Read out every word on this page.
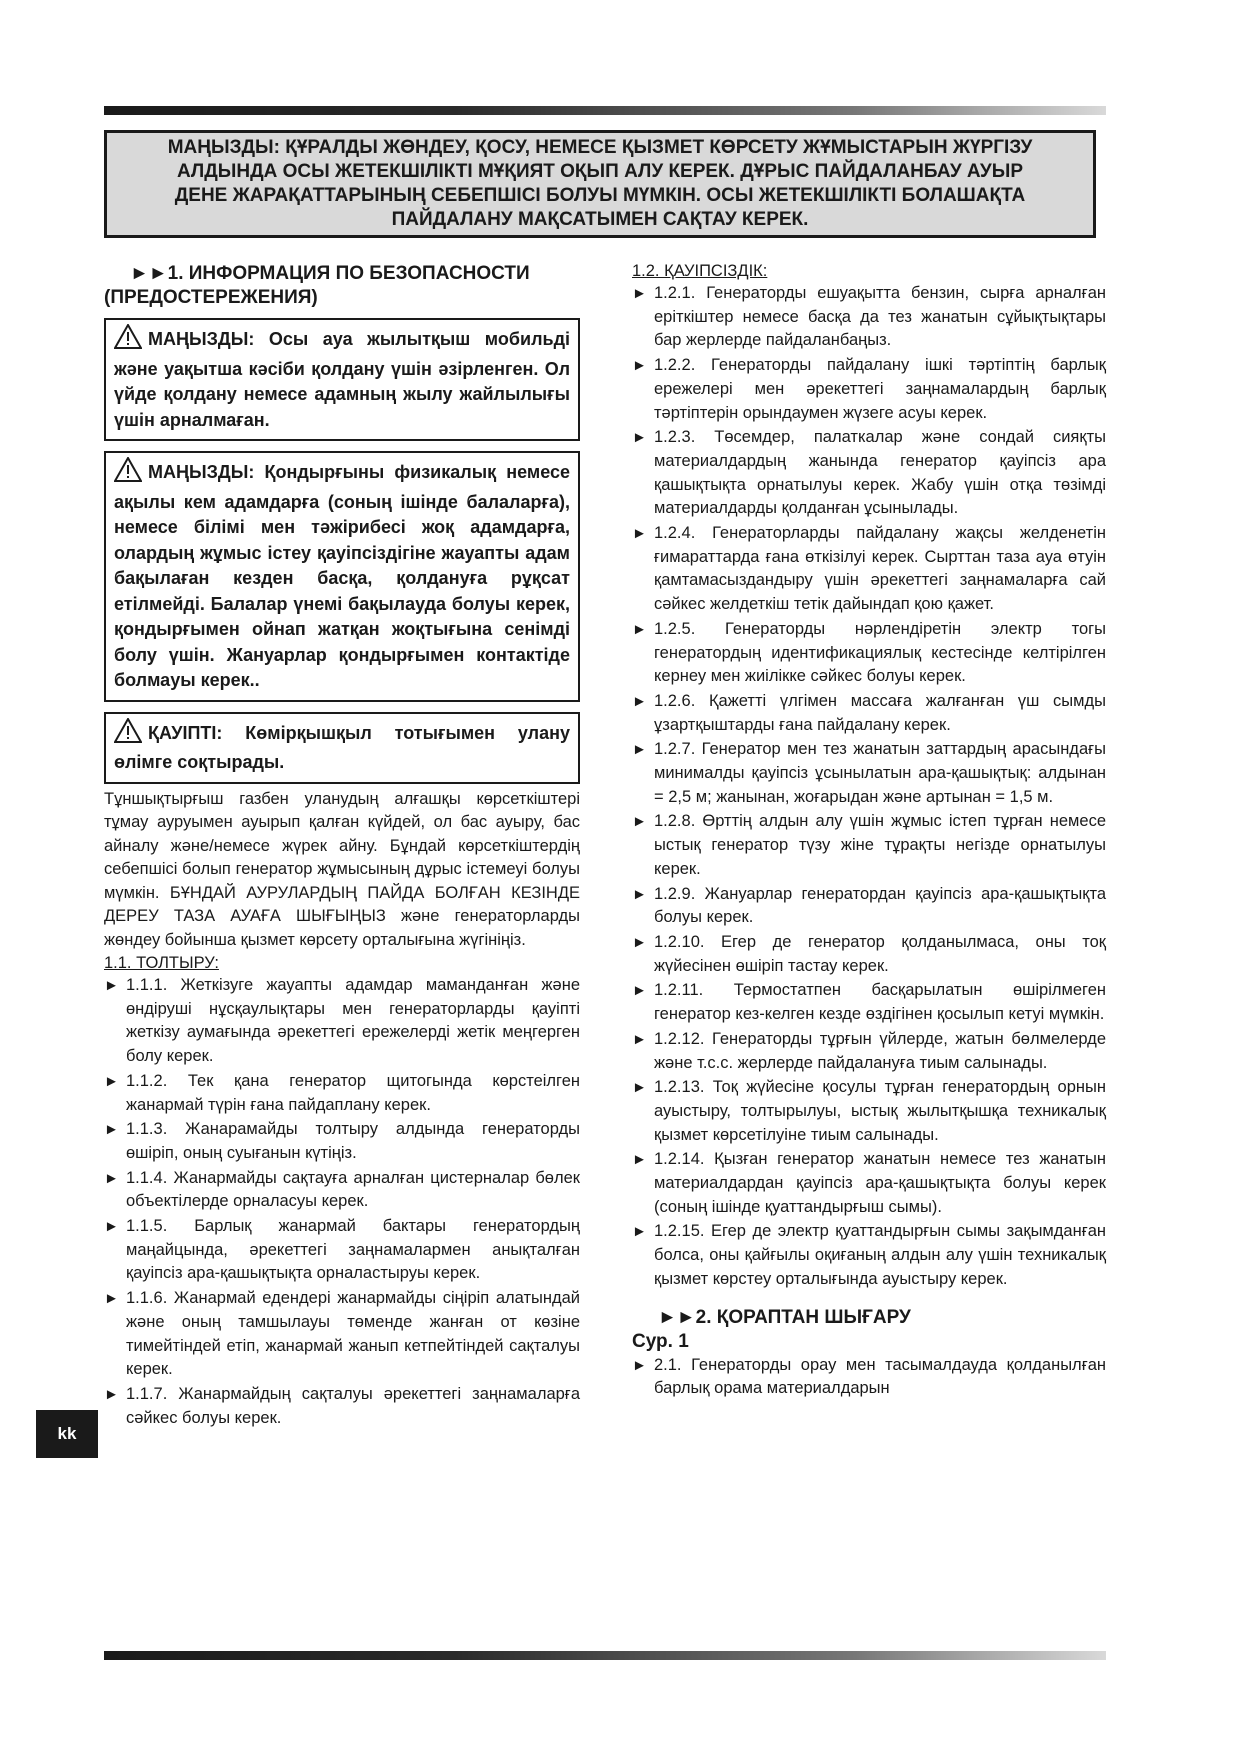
МАҢЫЗДЫ: ҚҰРАЛДЫ ЖӨНДЕУ, ҚОСУ, НЕМЕСЕ ҚЫЗМЕТ КӨРСЕТУ ЖҰМЫСТАРЫН ЖҮРГІЗУ АЛДЫНДА ОСЫ ЖЕТЕКШІЛІКТІ МҰҚИЯТ ОҚЫП АЛУ КЕРЕК. ДҰРЫС ПАЙДАЛАНБАУ АУЫР ДЕНЕ ЖАРАҚАТТАРЫНЫҢ СЕБЕПШІСІ БОЛУЫ МҮМКІН. ОСЫ ЖЕТЕКШІЛІКТІ БОЛАШАҚТА ПАЙДАЛАНУ МАҚСАТЫМЕН САҚТАУ КЕРЕК.

►►1. ИНФОРМАЦИЯ ПО БЕЗОПАСНОСТИ (ПРЕДОСТЕРЕЖЕНИЯ)
МАҢЫЗДЫ: Осы ауа жылытқыш мобильді және уақытша кәсіби қолдану үшін әзірленген. Ол үйде қолдану немесе адамның жылу жайлылығы үшін арналмаған.
МАҢЫЗДЫ: Қондырғыны физикалық немесе ақылы кем адамдарға (соның ішінде балаларға), немесе білімі мен тәжірибесі жоқ адамдарға, олардың жұмыс істеу қауіпсіздігіне жауапты адам бақылаған кезден басқа, қолдануға рұқсат етілмейді. Балалар үнемі бақылауда болуы керек, қондырғымен ойнап жатқан жоқтығына сенімді болу үшін. Жануарлар қондырғымен контактіде болмауы керек..
ҚАУІПТІ: Көмірқышқыл тотығымен улану өлімге соқтырады.

Тұншықтырғыш газбен уланудың алғашқы көрсеткіштері тұмау ауруымен ауырып қалған күйдей, ол бас ауыру, бас айналу және/немесе жүрек айну. Бұндай көрсеткіштердің себепшісі болып генератор жұмысының дұрыс істемеуі болуы мүмкін. БҰНДАЙ АУРУЛАРДЫҢ ПАЙДА БОЛҒАН КЕЗІНДЕ ДЕРЕУ ТАЗА АУАҒА ШЫҒЫҢЫЗ және генераторларды жөндеу бойынша қызмет көрсету орталығына жүгініңіз.

1.1. ТОЛТЫРУ:

► 1.1.1. Жеткізуге жауапты адамдар маманданған және өндіруші нұсқаулықтары мен генераторларды қауіпті жеткізу аумағында әрекеттегі ережелерді жетік меңгерген болу керек.
► 1.1.2. Тек қана генератор щитогында көрстеілген жанармай түрін ғана пайдаплану керек.
► 1.1.3. Жанарамайды толтыру алдында генераторды өшіріп, оның суығанын күтіңіз.
► 1.1.4. Жанармайды сақтауға арналған цистерналар бөлек объектілерде орналасуы керек.
► 1.1.5. Барлық жанармай бактары генератордың маңайцында, әрекеттегі заңнамалармен анықталған қауіпсіз ара-қашықтықта орналастыруы керек.
► 1.1.6. Жанармай едендері жанармайды сіңіріп алатындай және оның тамшылауы төменде жанған от көзіне тимейтіндей етіп, жанармай жанып кетпейтіндей сақталуы керек.
► 1.1.7. Жанармайдың сақталуы әрекеттегі заңнамаларға сәйкес болуы керек.

1.2. ҚАУІПСІЗДІК:

► 1.2.1. Генераторды ешуақытта бензин, сырға арналған еріткіштер немесе басқа да тез жанатын сұйықтықтары бар жерлерде пайдаланбаңыз.
► 1.2.2. Генераторды пайдалану ішкі тәртіптің барлық ережелері мен әрекеттегі заңнамалардың барлық тәртіптерін орындаумен жүзеге асуы керек.
► 1.2.3. Төсемдер, палаткалар және сондай сияқты материалдардың жанында генератор қауіпсіз ара қашықтықта орнатылуы керек. Жабу үшін отқа төзімді материалдарды қолданған ұсынылады.
► 1.2.4. Генераторларды пайдалану жақсы желденетін ғимараттарда ғана өткізілуі керек. Сырттан таза ауа өтуін қамтамасыздандыру үшін әрекеттегі заңнамаларға сай сәйкес желдеткіш тетік дайындап қою қажет.
► 1.2.5. Генераторды нәрлендіретін электр тогы генератордың идентификациялық кестесінде келтірілген кернеу мен жиілікке сәйкес болуы керек.
► 1.2.6. Қажетті үлгімен массаға жалғанған үш сымды ұзартқыштарды ғана пайдалану керек.
► 1.2.7. Генератор мен тез жанатын заттардың арасындағы минималды қауіпсіз ұсынылатын ара-қашықтық: алдынан = 2,5 м; жанынан, жоғарыдан және артынан = 1,5 м.
► 1.2.8. Өрттің алдын алу үшін жұмыс істеп тұрған немесе ыстық генератор түзу жіне тұрақты негізде орнатылуы керек.
► 1.2.9. Жануарлар генератордан қауіпсіз ара-қашықтықта болуы керек.
► 1.2.10. Егер де генератор қолданылмаса, оны тоқ жүйесінен өшіріп тастау керек.
► 1.2.11. Термостатпен басқарылатын өшірілмеген генератор кез-келген кезде өздігінен қосылып кетуі мүмкін.
► 1.2.12. Генераторды тұрғын үйлерде, жатын бөлмелерде және т.с.с. жерлерде пайдалануға тиым салынады.
► 1.2.13. Тоқ жүйесіне қосулы тұрған генератордың орнын ауыстыру, толтырылуы, ыстық жылытқышқа техникалық қызмет көрсетілуіне тиым салынады.
► 1.2.14. Қызған генератор жанатын немесе тез жанатын материалдардан қауіпсіз ара-қашықтықта болуы керек (соның ішінде қуаттандырғыш сымы).
► 1.2.15. Егер де электр қуаттандырғын сымы зақымданған болса, оны қайғылы оқиғаның алдын алу үшін техникалық қызмет көрстеу орталығында ауыстыру керек.
►►2. ҚОРАПТАН ШЫҒАРУ

Сур. 1

► 2.1. Генераторды орау мен тасымалдауда қолданылған барлық орама материалдарын
kk
